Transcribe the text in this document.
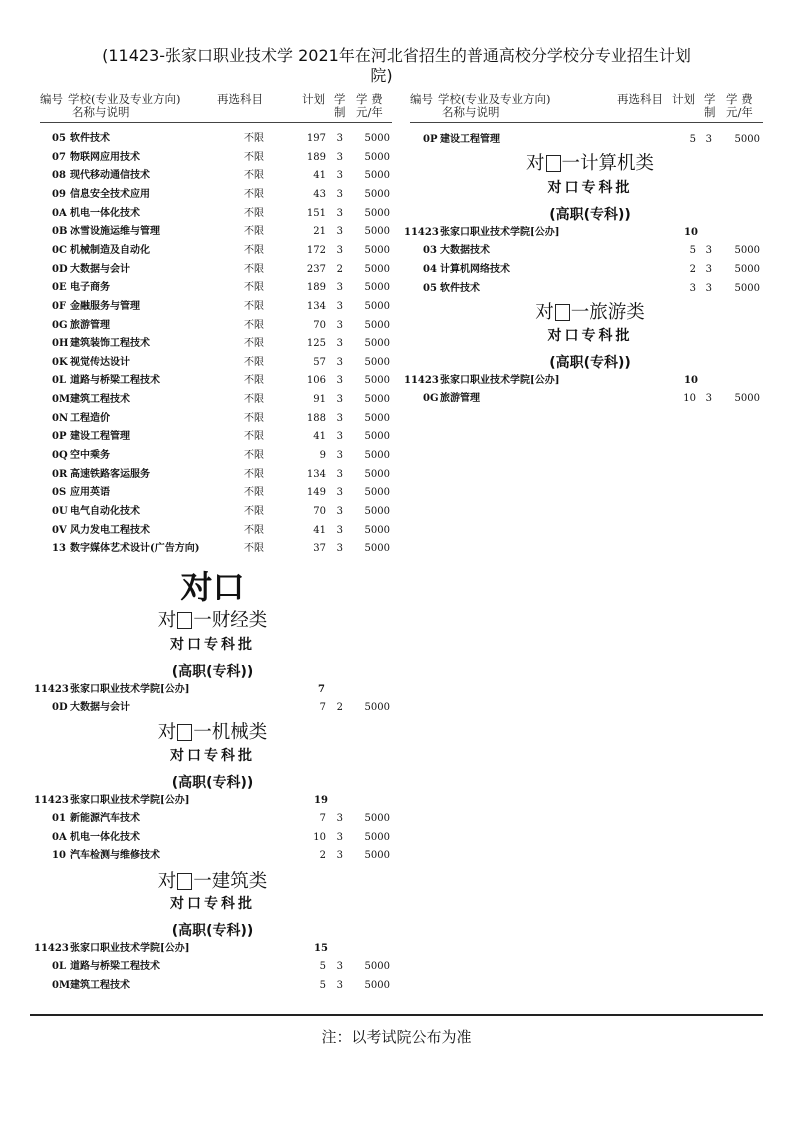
(11423-张家口职业技术学 2021年在河北省招生的普通高校分学校分专业招生计划
院)
编号 学校(专业及专业方向)
名称与说明
再选科目	计划 学
制
学 费
元/年
编号 学校(专业及专业方向)
名称与说明
再选科目 计划 学
制
学 费
元/年
05 软件技术	不限	197 3 5000
07 物联网应用技术	不限	189 3 5000
08 现代移动通信技术	不限	41 3 5000
09 信息安全技术应用	不限	43 3 5000
0A 机电一体化技术	不限	151 3 5000
0B 冰雪设施运维与管理	不限	21 3 5000
0C 机械制造及自动化	不限	172 3 5000
0D 大数据与会计	不限	237 2 5000
0E 电子商务	不限	189 3 5000
0F 金融服务与管理	不限	134 3 5000
0G 旅游管理	不限	70 3 5000
0H 建筑装饰工程技术	不限	125 3 5000
0K 视觉传达设计	不限	57 3 5000
0L 道路与桥梁工程技术	不限	106 3 5000
0M 建筑工程技术	不限	91 3 5000
0N 工程造价	不限	188 3 5000
0P 建设工程管理	不限	41 3 5000
0Q 空中乘务	不限	9 3 5000
0R 高速铁路客运服务	不限	134 3 5000
0S 应用英语	不限	149 3 5000
0U 电气自动化技术	不限	70 3 5000
0V 风力发电工程技术	不限	41 3 5000
13 数字媒体艺术设计(广告方向)	不限	37 3 5000
对口
对 一财经类
对口专科批
(高职(专科))
11423 张家口职业技术学院[公办]	7
0D 大数据与会计	7 2 5000
对 一机械类
对口专科批
(高职(专科))
11423 张家口职业技术学院[公办]	19
01 新能源汽车技术	7 3 5000
0A 机电一体化技术	10 3 5000
10 汽车检测与维修技术	2 3 5000
对 一建筑类
对口专科批
(高职(专科))
11423 张家口职业技术学院[公办]	15
0L 道路与桥梁工程技术	5 3 5000
0M 建筑工程技术	5 3 5000
0P 建设工程管理	5 3 5000
对 一计算机类
对口专科批
(高职(专科))
11423 张家口职业技术学院[公办]	10
03 大数据技术	5 3 5000
04 计算机网络技术	2 3 5000
05 软件技术	3 3 5000
对 一旅游类
对口专科批
(高职(专科))
11423 张家口职业技术学院[公办]	10
0G 旅游管理	10 3 5000
注：以考试院公布为准
